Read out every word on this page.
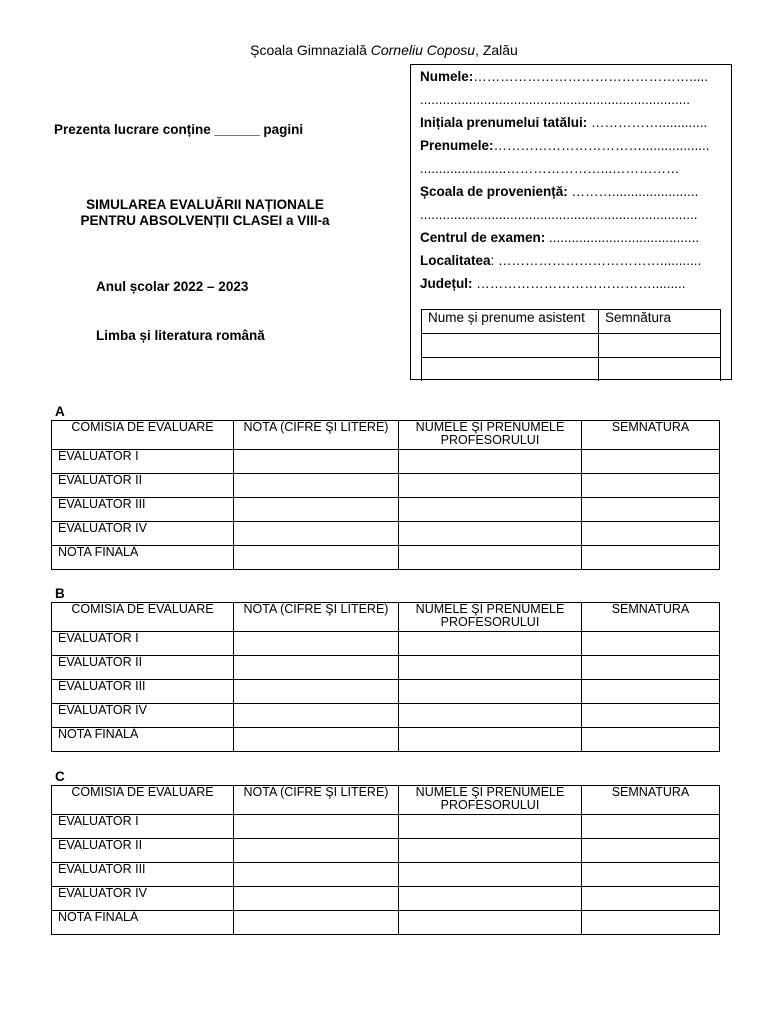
Școala Gimnazială Corneliu Coposu, Zalău
Prezenta lucrare conține ______ pagini
SIMULAREA EVALUĂRII NAȚIONALE
PENTRU ABSOLVENȚII CLASEI a VIII-a
Anul școlar 2022 – 2023
Limba și literatura română
Numele:………………………………………….....
........................................................................
Inițiala prenumelui tatălui: …………….............
Prenumele:……………………………..................
.......................…………………...……………
Școala de proveniență: ……….......................
..........................................................................
Centrul de examen: ........................................
Localitatea: ………………………………...........
Județul: ………………………………….........
Nume și prenume asistent	Semnătura

A
COMISIA DE EVALUARE	NOTA (CIFRE ŞI LITERE)	NUMELE ŞI PRENUMELE PROFESORULUI	SEMNATURA
EVALUATOR I			
EVALUATOR II			
EVALUATOR III			
EVALUATOR IV			
NOTA FINALĂ			
B
COMISIA DE EVALUARE	NOTA (CIFRE ŞI LITERE)	NUMELE ŞI PRENUMELE PROFESORULUI	SEMNATURA
EVALUATOR I			
EVALUATOR II			
EVALUATOR III			
EVALUATOR IV			
NOTA FINALĂ			
C
COMISIA DE EVALUARE	NOTA (CIFRE ŞI LITERE)	NUMELE ŞI PRENUMELE PROFESORULUI	SEMNATURA
EVALUATOR I			
EVALUATOR II			
EVALUATOR III			
EVALUATOR IV			
NOTA FINALĂ			
